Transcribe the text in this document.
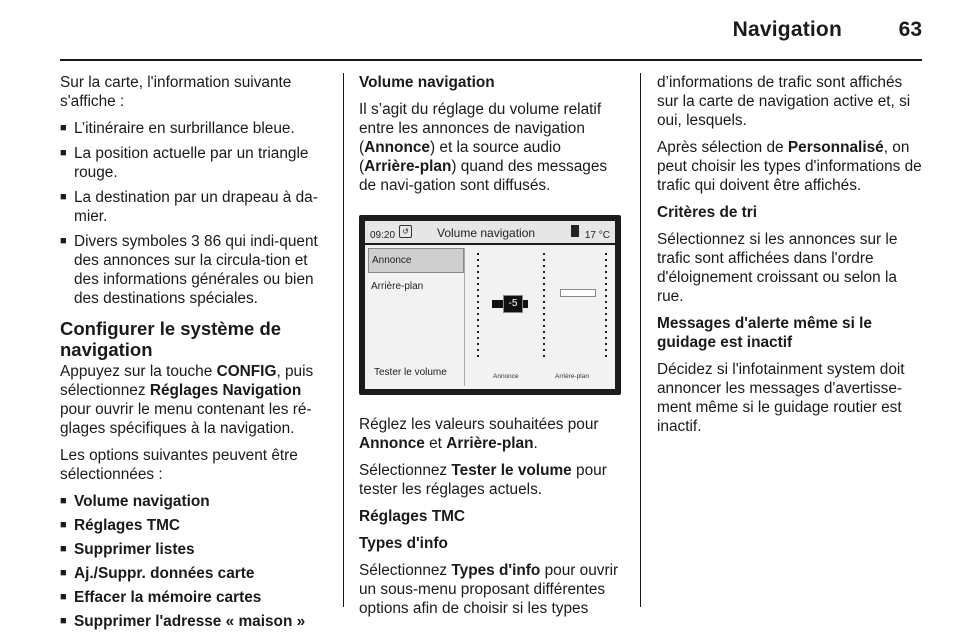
Navigation	63

Sur la carte, l'information suivante s'affiche :

■ L’itinéraire en surbrillance bleue.
■ La position actuelle par un triangle rouge.
■ La destination par un drapeau à da-mier.
■ Divers symboles 3 86 qui indi-quent des annonces sur la circula-tion et des informations générales ou bien des destinations spéciales.
Configurer le système de navigation

Appuyez sur la touche CONFIG, puis sélectionnez Réglages Navigation pour ouvrir le menu contenant les ré-glages spécifiques à la navigation.

Les options suivantes peuvent être sélectionnées :

■ Volume navigation
■ Réglages TMC
■ Supprimer listes
■ Aj./Suppr. données carte
■ Effacer la mémoire cartes
■ Supprimer l'adresse « maison »

Volume navigation

Il s’agit du réglage du volume relatif entre les annonces de navigation (Annonce) et la source audio (Arrière-plan) quand des messages de navi-gation sont diffusés.

09:20 ↺ Volume navigation	17 °C
Annonce
Arrière-plan
Tester le volume
-5
Annonce	Arrière-plan

Réglez les valeurs souhaitées pour Annonce et Arrière-plan.

Sélectionnez Tester le volume pour tester les réglages actuels.

Réglages TMC

Types d'info

Sélectionnez Types d'info pour ouvrir un sous-menu proposant différentes options afin de choisir si les types

d’informations de trafic sont affichés sur la carte de navigation active et, si oui, lesquels.

Après sélection de Personnalisé, on peut choisir les types d'informations de trafic qui doivent être affichés.

Critères de tri

Sélectionnez si les annonces sur le trafic sont affichées dans l'ordre d'éloignement croissant ou selon la rue.

Messages d'alerte même si le guidage est inactif

Décidez si l'infotainment system doit annoncer les messages d'avertisse-ment même si le guidage routier est inactif.
